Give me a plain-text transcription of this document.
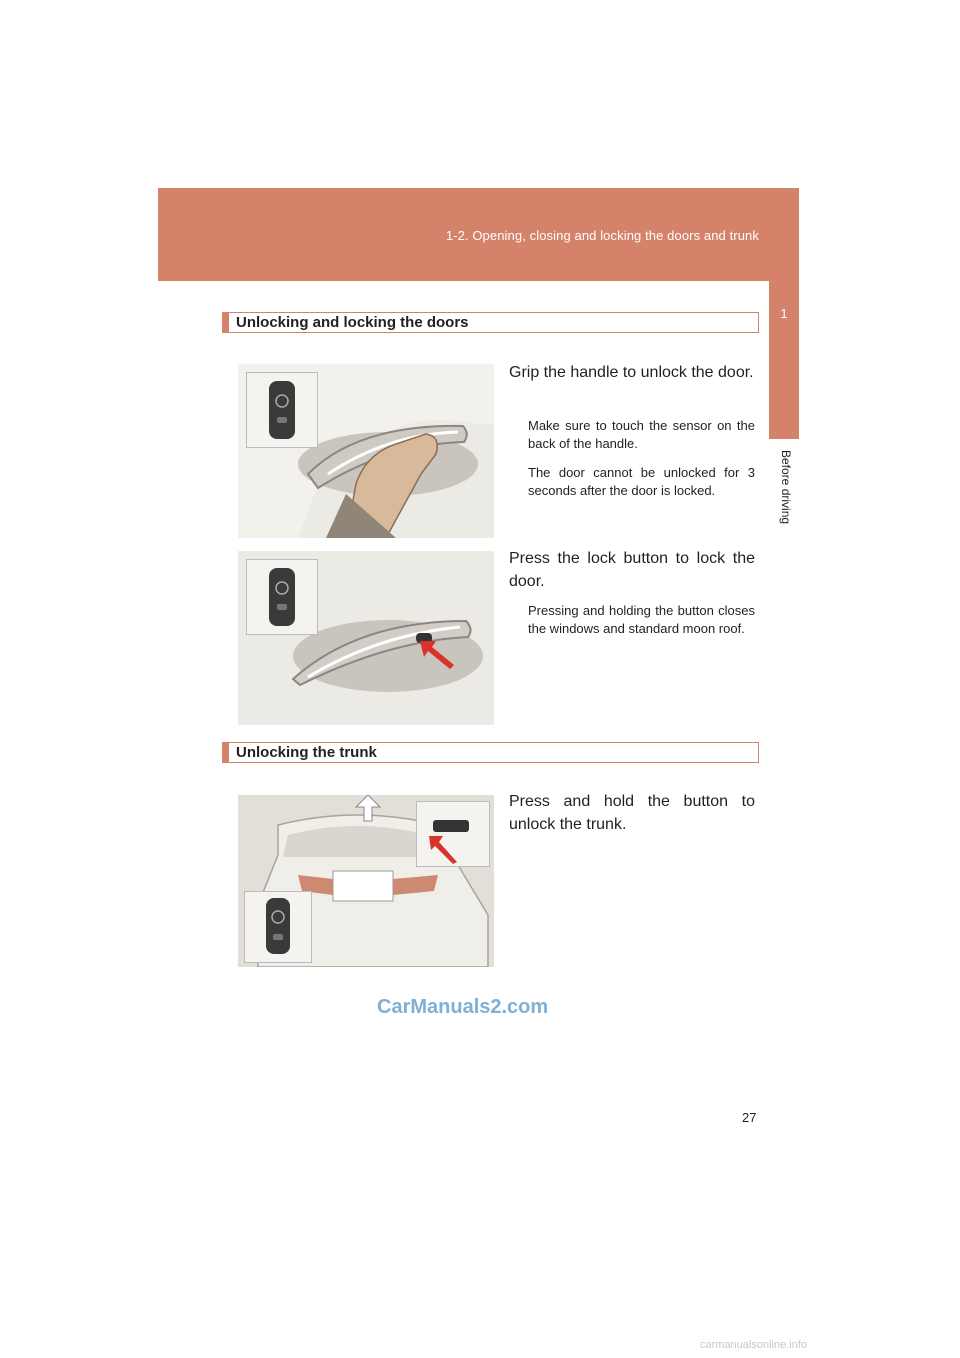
1-2. Opening, closing and locking the doors and trunk
1
Before driving
Unlocking and locking the doors
Grip the handle to unlock the door.
Make sure to touch the sensor on the back of the handle.
The door cannot be unlocked for 3 seconds after the door is locked.
Press the lock button to lock the door.
Pressing and holding the button closes the windows and standard moon roof.
Unlocking the trunk
Press and hold the button to unlock the trunk.
CarManuals2.com
27
carmanualsonline.info
